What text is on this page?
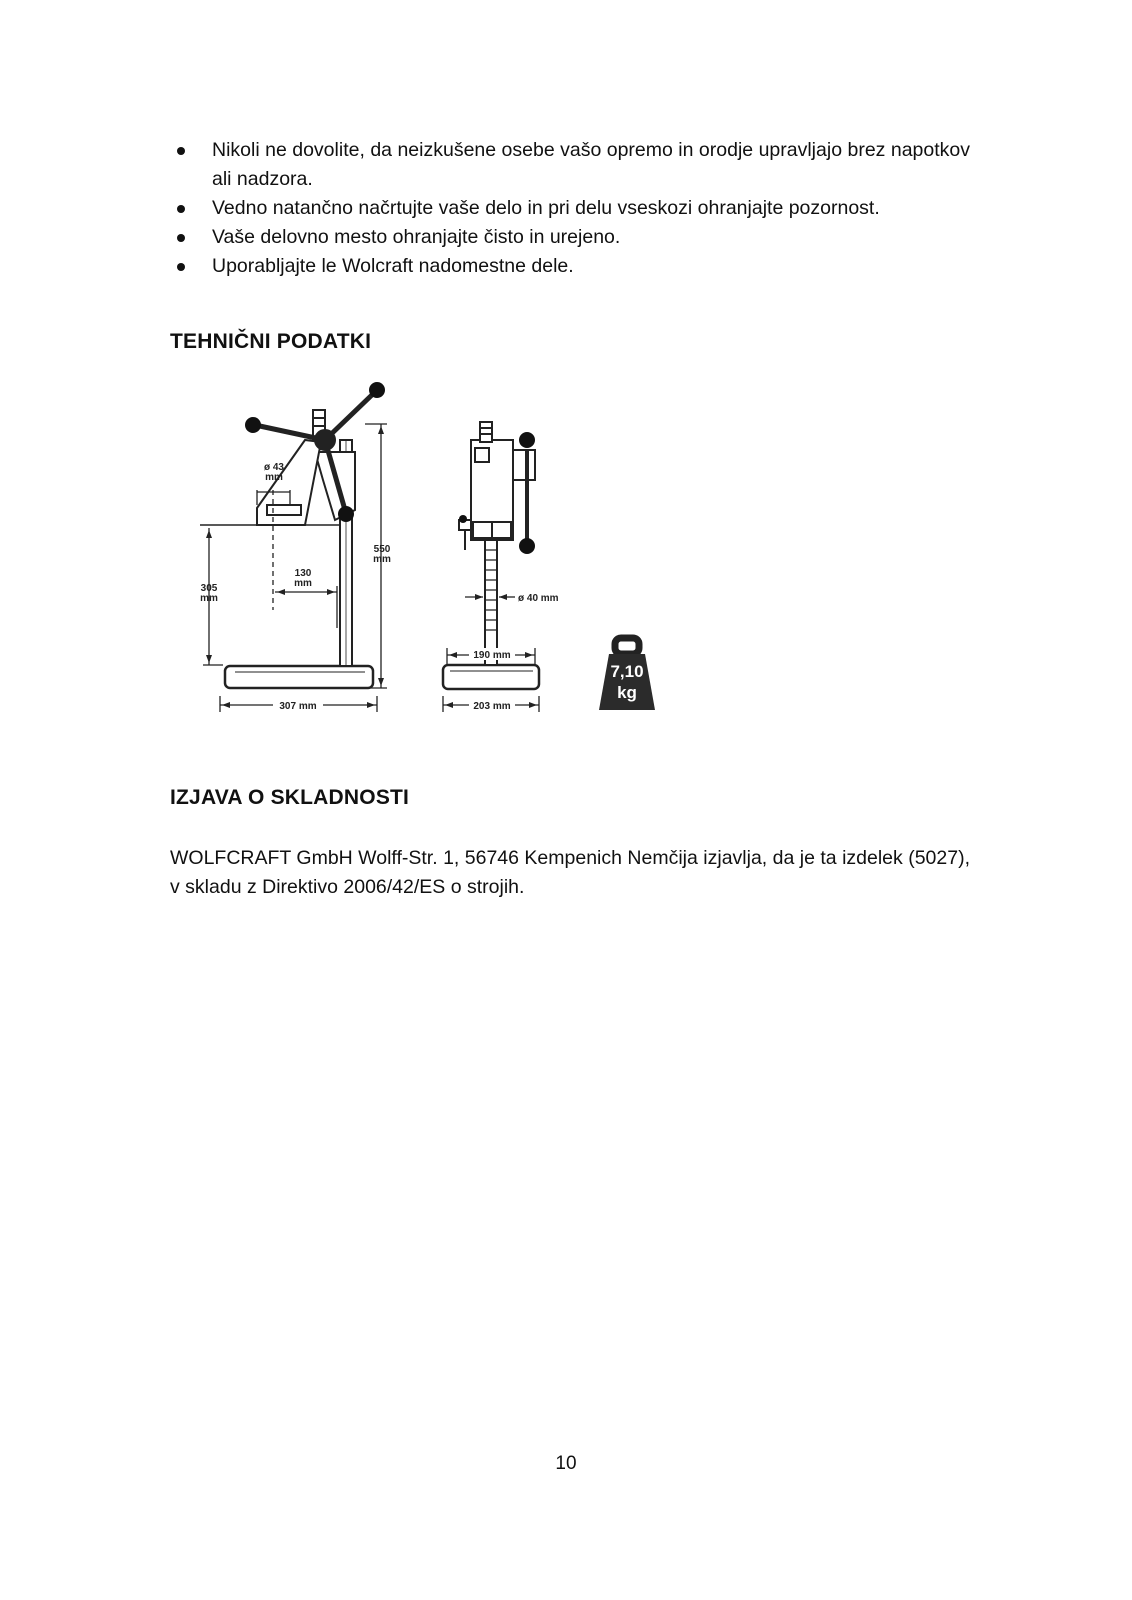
Nikoli ne dovolite, da neizkušene osebe vašo opremo in orodje upravljajo brez napotkov ali nadzora.
Vedno natančno načrtujte vaše delo in pri delu vseskozi ohranjajte pozornost.
Vaše delovno mesto ohranjajte čisto in urejeno.
Uporabljajte le Wolcraft nadomestne dele.
TEHNIČNI PODATKI
ø 43
mm
130
mm
305
mm
550
mm
307 mm
ø 40 mm
190 mm
203 mm
7,10
kg
IZJAVA O SKLADNOSTI
WOLFCRAFT GmbH Wolff-Str. 1, 56746 Kempenich Nemčija izjavlja, da je ta izdelek (5027), v skladu z Direktivo 2006/42/ES o strojih.
10
